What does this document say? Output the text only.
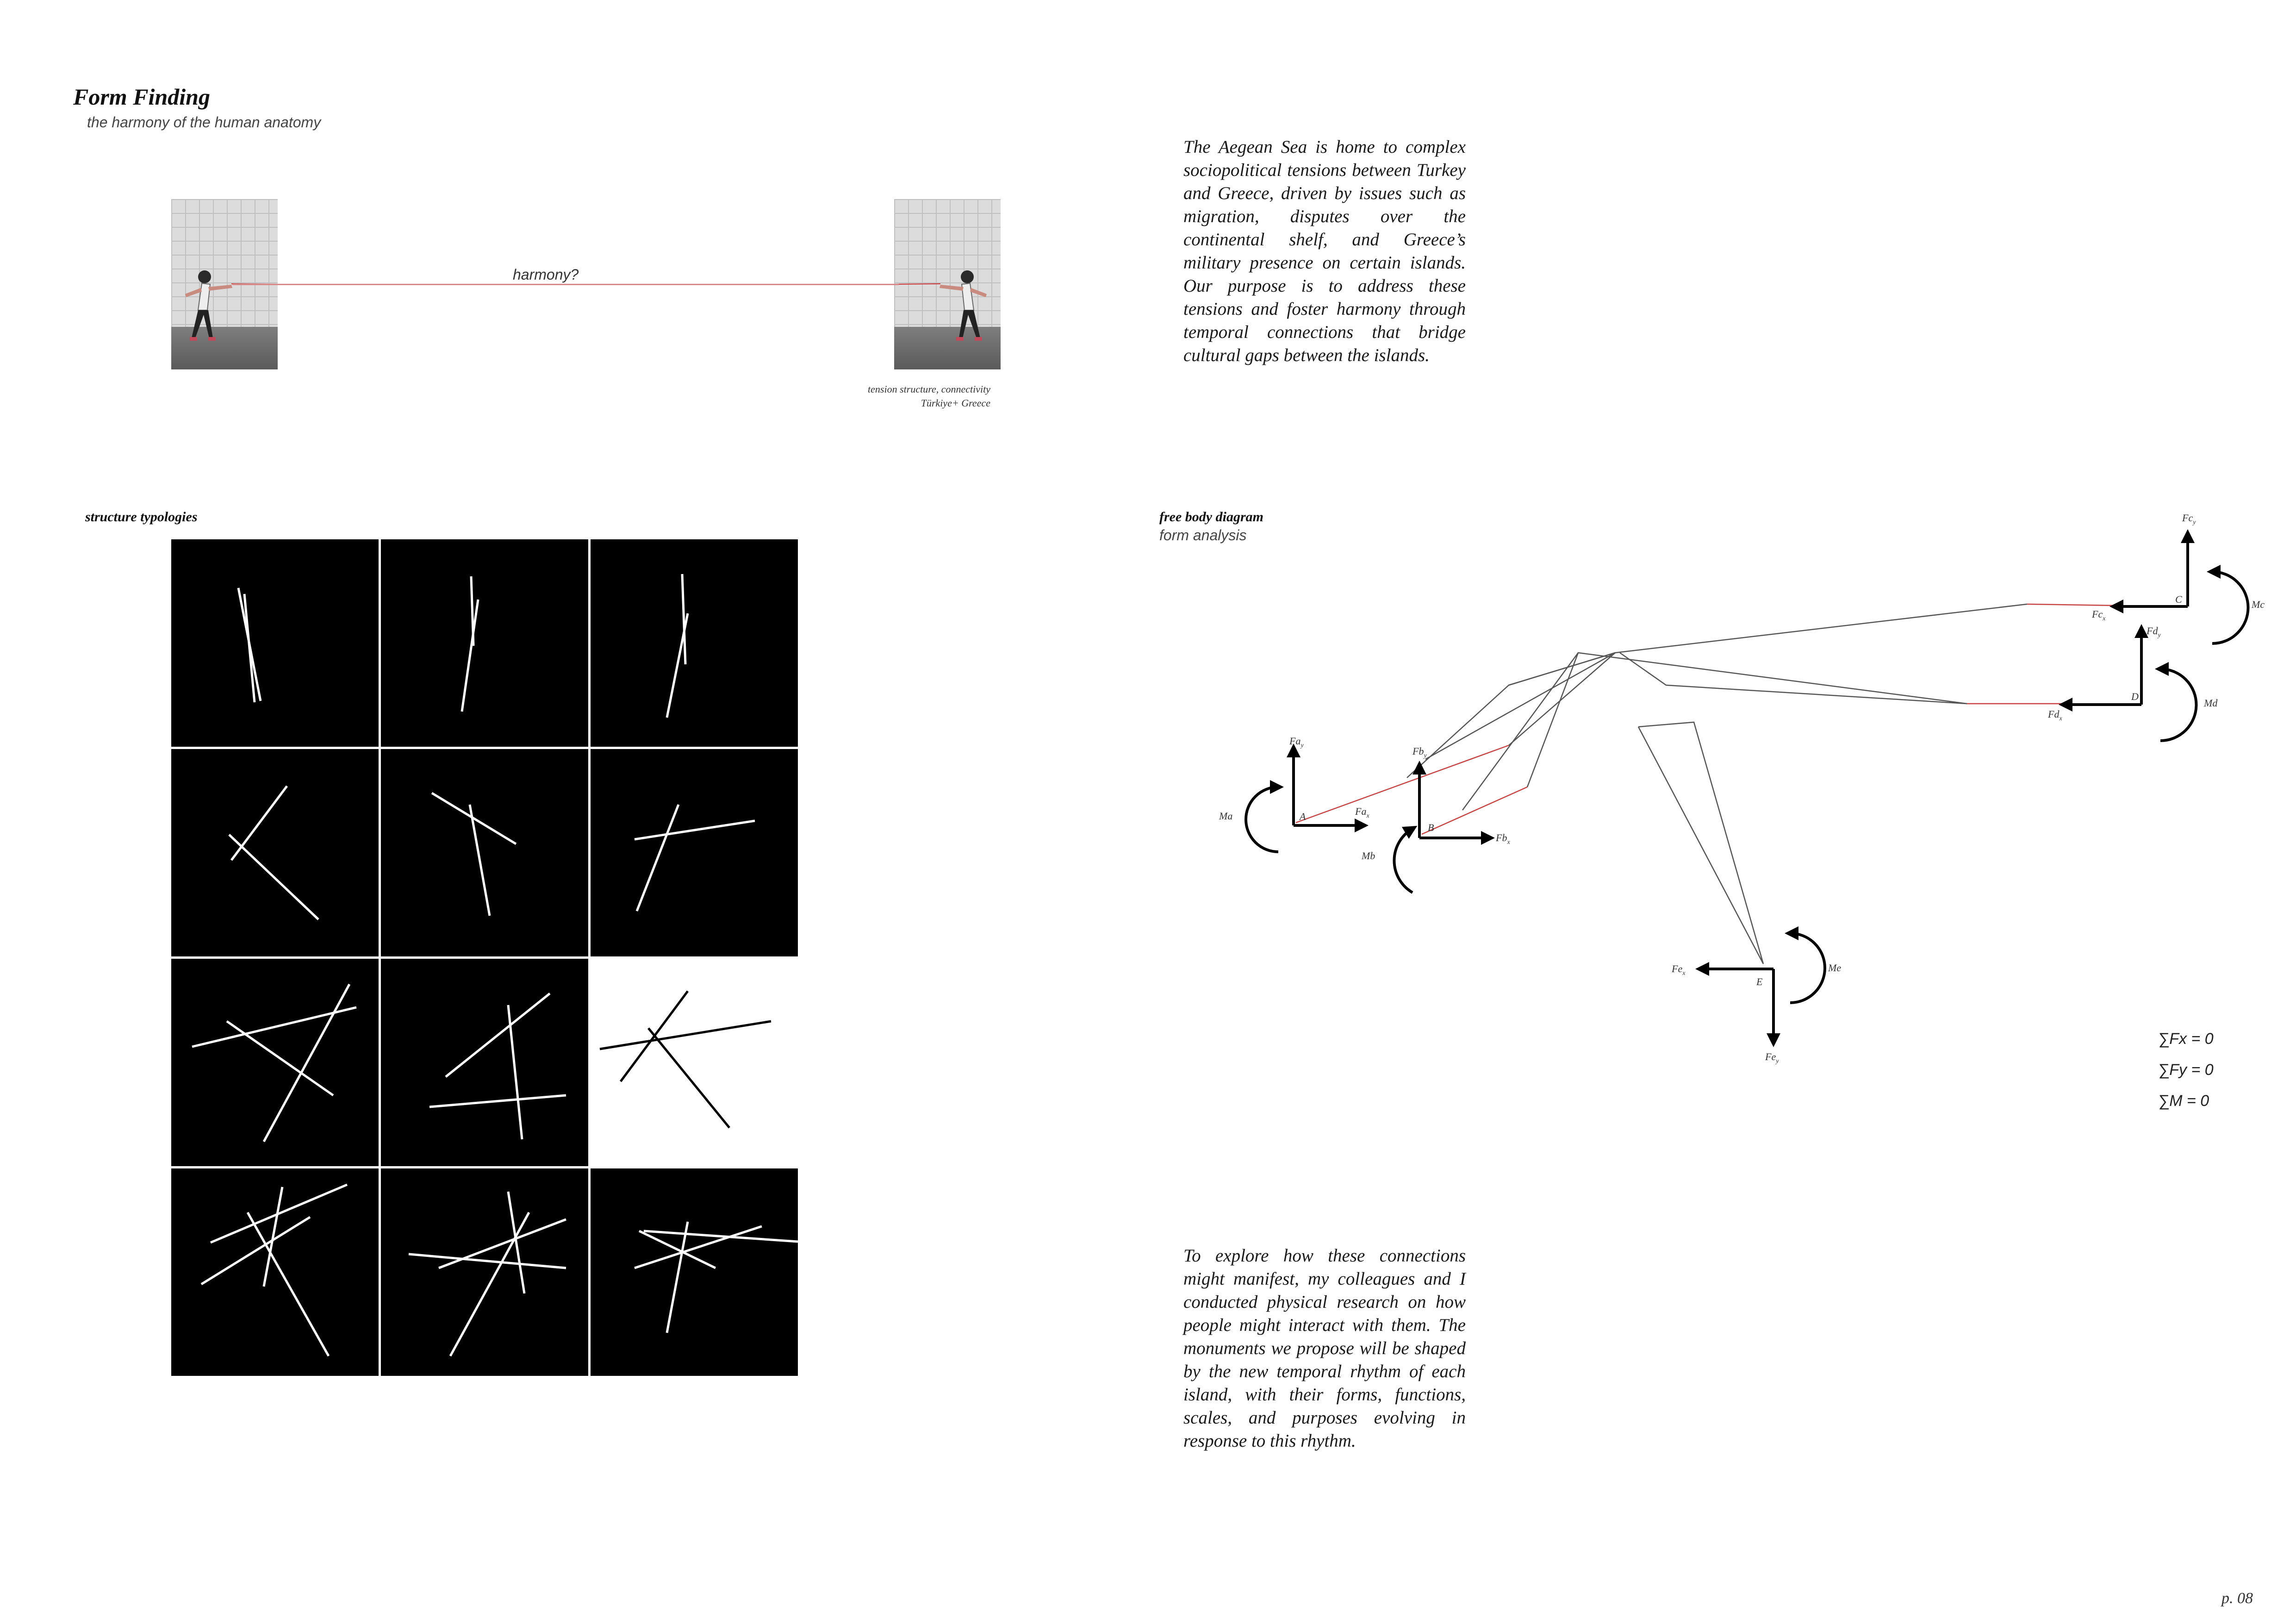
Form Finding
the harmony of the human anatomy
harmony?
tension structure, connectivity
Türkiye+ Greece
The Aegean Sea is home to complex sociopolitical tensions between Turkey and Greece, driven by issues such as migration, disputes over the continental shelf, and Greece’s military presence on certain islands. Our purpose is to address these tensions and foster harmony through temporal connections that bridge cultural gaps between the islands.
To explore how these connections might manifest, my colleagues and I conducted physical research on how people might interact with them. The monuments we propose will be shaped by the new temporal rhythm of each island, with their forms, functions, scales, and purposes evolving in response to this rhythm.
structure typologies	free body diagram
form analysis
A
B
C
D
E
$Fa_y$
$Fa_x$
Ma
$Fb_y$
$Fb_x$
Mb
$Fc_y$
$Fc_x$
Mc
$Fd_y$
$Fd_x$
Md
$Fe_x$
$Fe_y$
Me
∑Fx = 0
∑Fy = 0
∑M = 0
p. 08
